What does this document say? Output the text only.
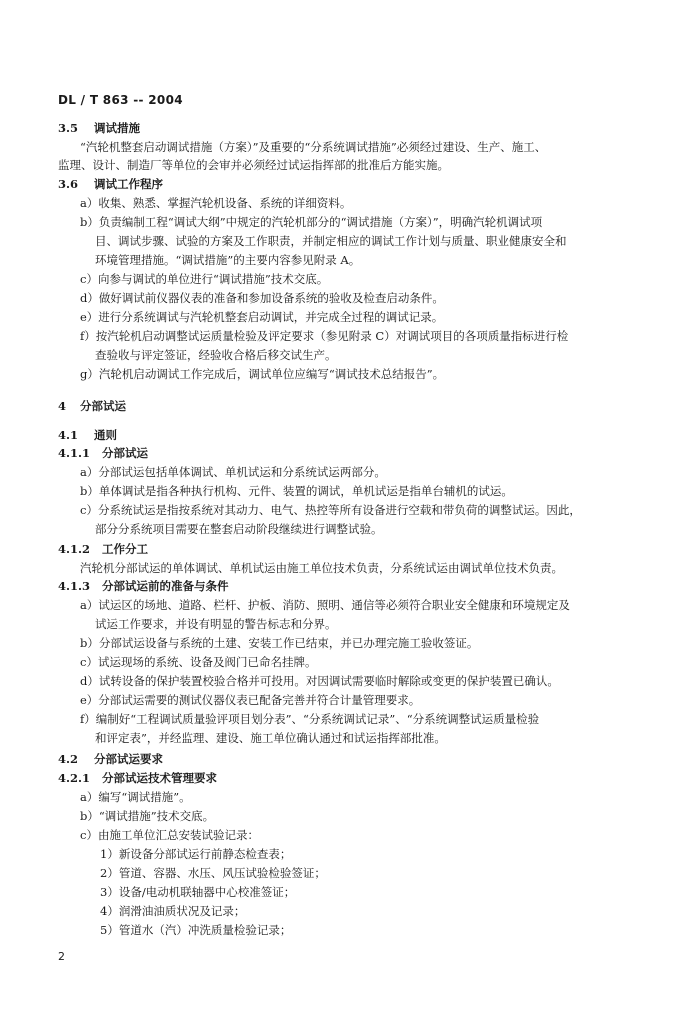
DL / T 863 -- 2004
3.5 调试措施
“汽轮机整套启动调试措施（方案）”及重要的“分系统调试措施”必须经过建设、生产、施工、
监理、设计、制造厂等单位的会审并必须经过试运指挥部的批准后方能实施。
3.6 调试工作程序
a）收集、熟悉、掌握汽轮机设备、系统的详细资料。
b）负责编制工程“调试大纲”中规定的汽轮机部分的“调试措施（方案）”，明确汽轮机调试项
目、调试步骤、试验的方案及工作职责，并制定相应的调试工作计划与质量、职业健康安全和
环境管理措施。“调试措施”的主要内容参见附录 A。
c）向参与调试的单位进行“调试措施”技术交底。
d）做好调试前仪器仪表的准备和参加设备系统的验收及检查启动条件。
e）进行分系统调试与汽轮机整套启动调试，并完成全过程的调试记录。
f）按汽轮机启动调整试运质量检验及评定要求（参见附录 C）对调试项目的各项质量指标进行检
查验收与评定签证，经验收合格后移交试生产。
g）汽轮机启动调试工作完成后，调试单位应编写“调试技术总结报告”。
4 分部试运
4.1 通则
4.1.1 分部试运
a）分部试运包括单体调试、单机试运和分系统试运两部分。
b）单体调试是指各种执行机构、元件、装置的调试，单机试运是指单台辅机的试运。
c）分系统试运是指按系统对其动力、电气、热控等所有设备进行空载和带负荷的调整试运。因此，
部分分系统项目需要在整套启动阶段继续进行调整试验。
4.1.2 工作分工
汽轮机分部试运的单体调试、单机试运由施工单位技术负责，分系统试运由调试单位技术负责。
4.1.3 分部试运前的准备与条件
a）试运区的场地、道路、栏杆、护板、消防、照明、通信等必须符合职业安全健康和环境规定及
试运工作要求，并设有明显的警告标志和分界。
b）分部试运设备与系统的土建、安装工作已结束，并已办理完施工验收签证。
c）试运现场的系统、设备及阀门已命名挂牌。
d）试转设备的保护装置校验合格并可投用。对因调试需要临时解除或变更的保护装置已确认。
e）分部试运需要的测试仪器仪表已配备完善并符合计量管理要求。
f）编制好“工程调试质量验评项目划分表”、“分系统调试记录”、“分系统调整试运质量检验
和评定表”，并经监理、建设、施工单位确认通过和试运指挥部批准。
4.2 分部试运要求
4.2.1 分部试运技术管理要求
a）编写“调试措施”。
b）“调试措施”技术交底。
c）由施工单位汇总安装试验记录：
1）新设备分部试运行前静态检查表；
2）管道、容器、水压、风压试验检验签证；
3）设备/电动机联轴器中心校准签证；
4）润滑油油质状况及记录；
5）管道水（汽）冲洗质量检验记录；
2
